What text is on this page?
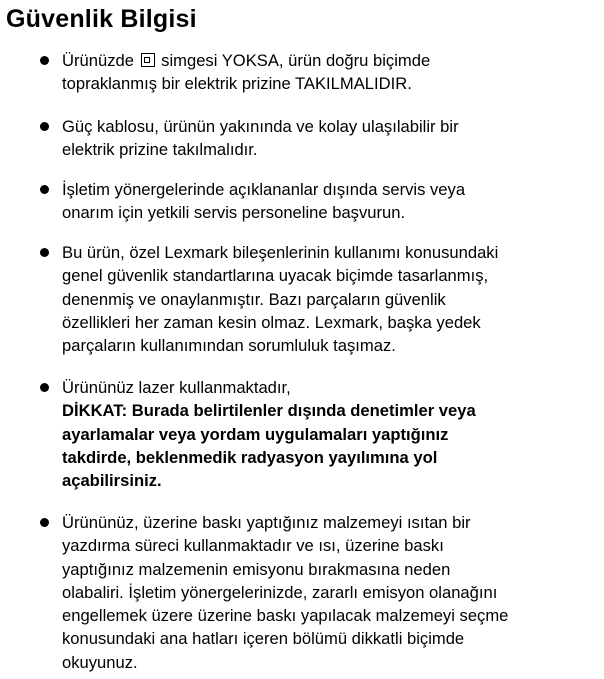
Güvenlik Bilgisi
Ürünüzde  simgesi YOKSA, ürün doğru biçimde
topraklanmış bir elektrik prizine TAKILMALIDIR.
Güç kablosu, ürünün yakınında ve kolay ulaşılabilir bir
elektrik prizine takılmalıdır.
İşletim yönergelerinde açıklananlar dışında servis veya
onarım için yetkili servis personeline başvurun.
Bu ürün, özel Lexmark bileşenlerinin kullanımı konusundaki
genel güvenlik standartlarına uyacak biçimde tasarlanmış,
denenmiş ve onaylanmıştır. Bazı parçaların güvenlik
özellikleri her zaman kesin olmaz. Lexmark, başka yedek
parçaların kullanımından sorumluluk taşımaz.
Ürününüz lazer kullanmaktadır,
DİKKAT: Burada belirtilenler dışında denetimler veya
ayarlamalar veya yordam uygulamaları yaptığınız
takdirde, beklenmedik radyasyon yayılımına yol
açabilirsiniz.
Ürününüz, üzerine baskı yaptığınız malzemeyi ısıtan bir
yazdırma süreci kullanmaktadır ve ısı, üzerine baskı
yaptığınız malzemenin emisyonu bırakmasına neden
olabaliri. İşletim yönergelerinizde, zararlı emisyon olanağını
engellemek üzere üzerine baskı yapılacak malzemeyi seçme
konusundaki ana hatları içeren bölümü dikkatli biçimde
okuyunuz.
